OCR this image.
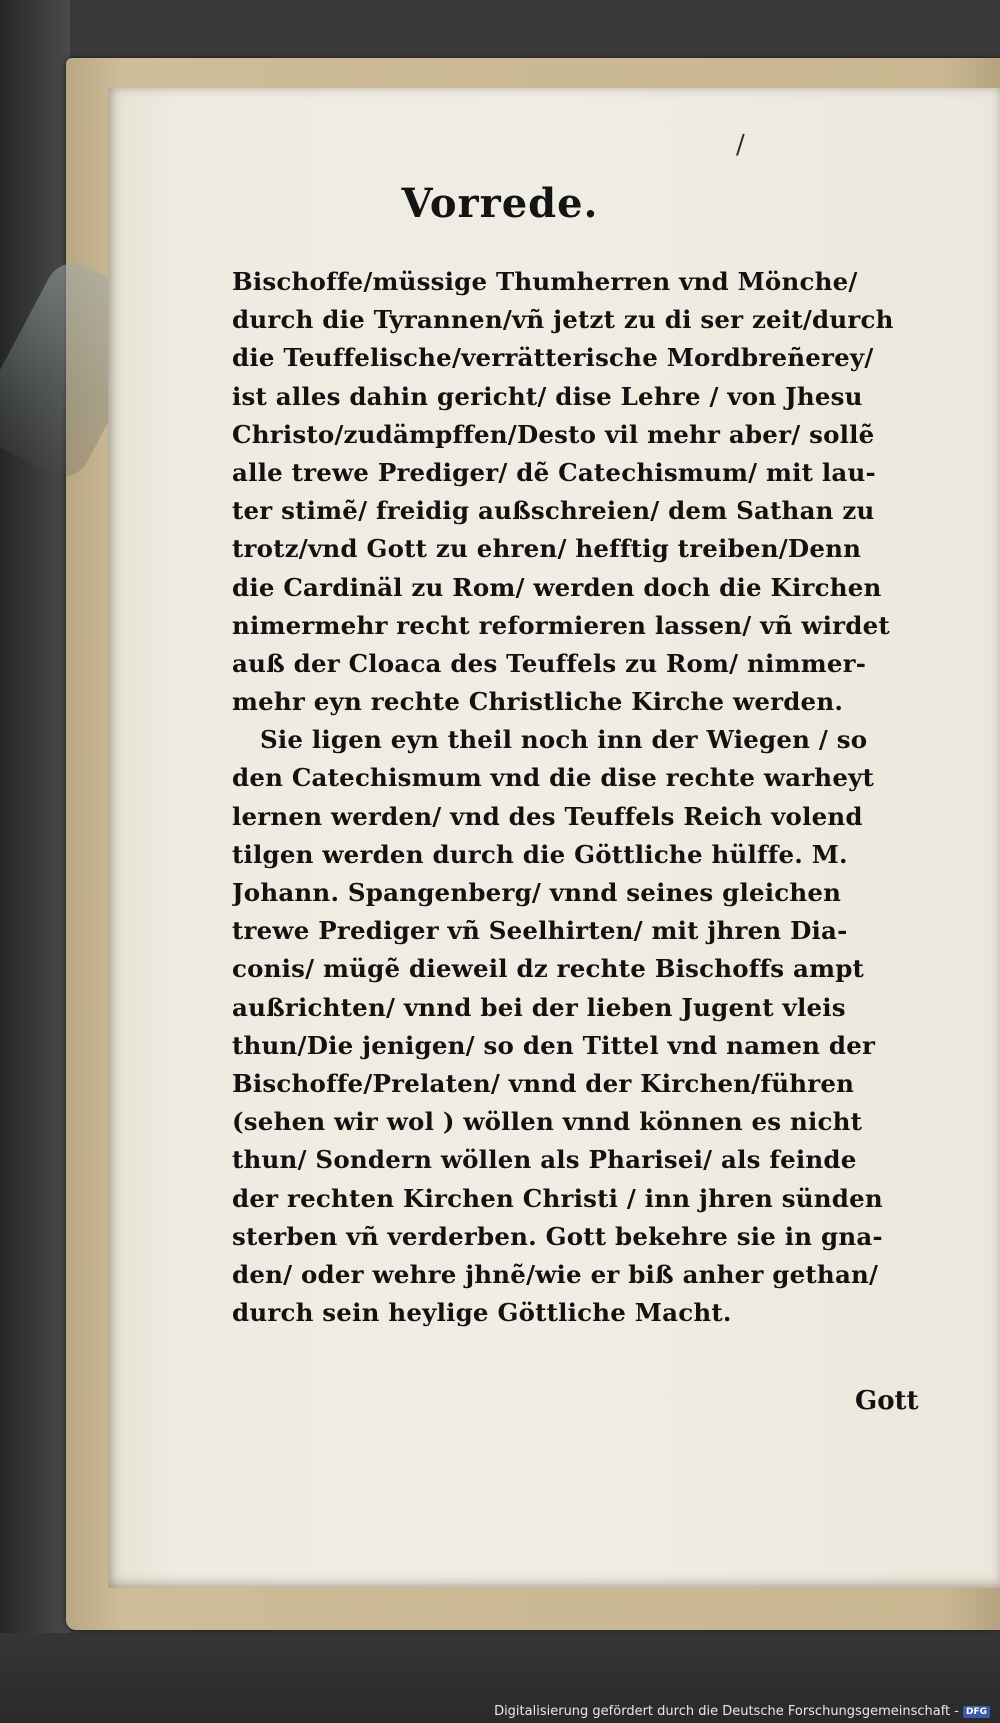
/
Vorrede.
Bischoffe/müssige Thumherren vnd Mönche/
durch die Tyrannen/vñ jetzt zu di ser zeit/durch
die Teuffelische/verrätterische Mordbreñerey/
ist alles dahin gericht/ dise Lehre / von Jhesu
Christo/zudämpffen/Desto vil mehr aber/ sollẽ
alle trewe Prediger/ dẽ Catechismum/ mit lau-
ter stimẽ/ freidig außschreien/ dem Sathan zu
trotz/vnd Gott zu ehren/ hefftig treiben/Denn
die Cardinäl zu Rom/ werden doch die Kirchen
nimermehr recht reformieren lassen/ vñ wirdet
auß der Cloaca des Teuffels zu Rom/ nimmer-
mehr eyn rechte Christliche Kirche werden.
Sie ligen eyn theil noch inn der Wiegen / so
den Catechismum vnd die dise rechte warheyt
lernen werden/ vnd des Teuffels Reich volend
tilgen werden durch die Göttliche hülffe. M.
Johann. Spangenberg/ vnnd seines gleichen
trewe Prediger vñ Seelhirten/ mit jhren Dia-
conis/ mügẽ dieweil dz rechte Bischoffs ampt
außrichten/ vnnd bei der lieben Jugent vleis
thun/Die jenigen/ so den Tittel vnd namen der
Bischoffe/Prelaten/ vnnd der Kirchen/führen
(sehen wir wol ) wöllen vnnd können es nicht
thun/ Sondern wöllen als Pharisei/ als feinde
der rechten Kirchen Christi / inn jhren sünden
sterben vñ verderben. Gott bekehre sie in gna-
den/ oder wehre jhnẽ/wie er biß anher gethan/
durch sein heylige Göttliche Macht.
Gott
Digitalisierung gefördert durch die Deutsche Forschungsgemeinschaft - DFG
